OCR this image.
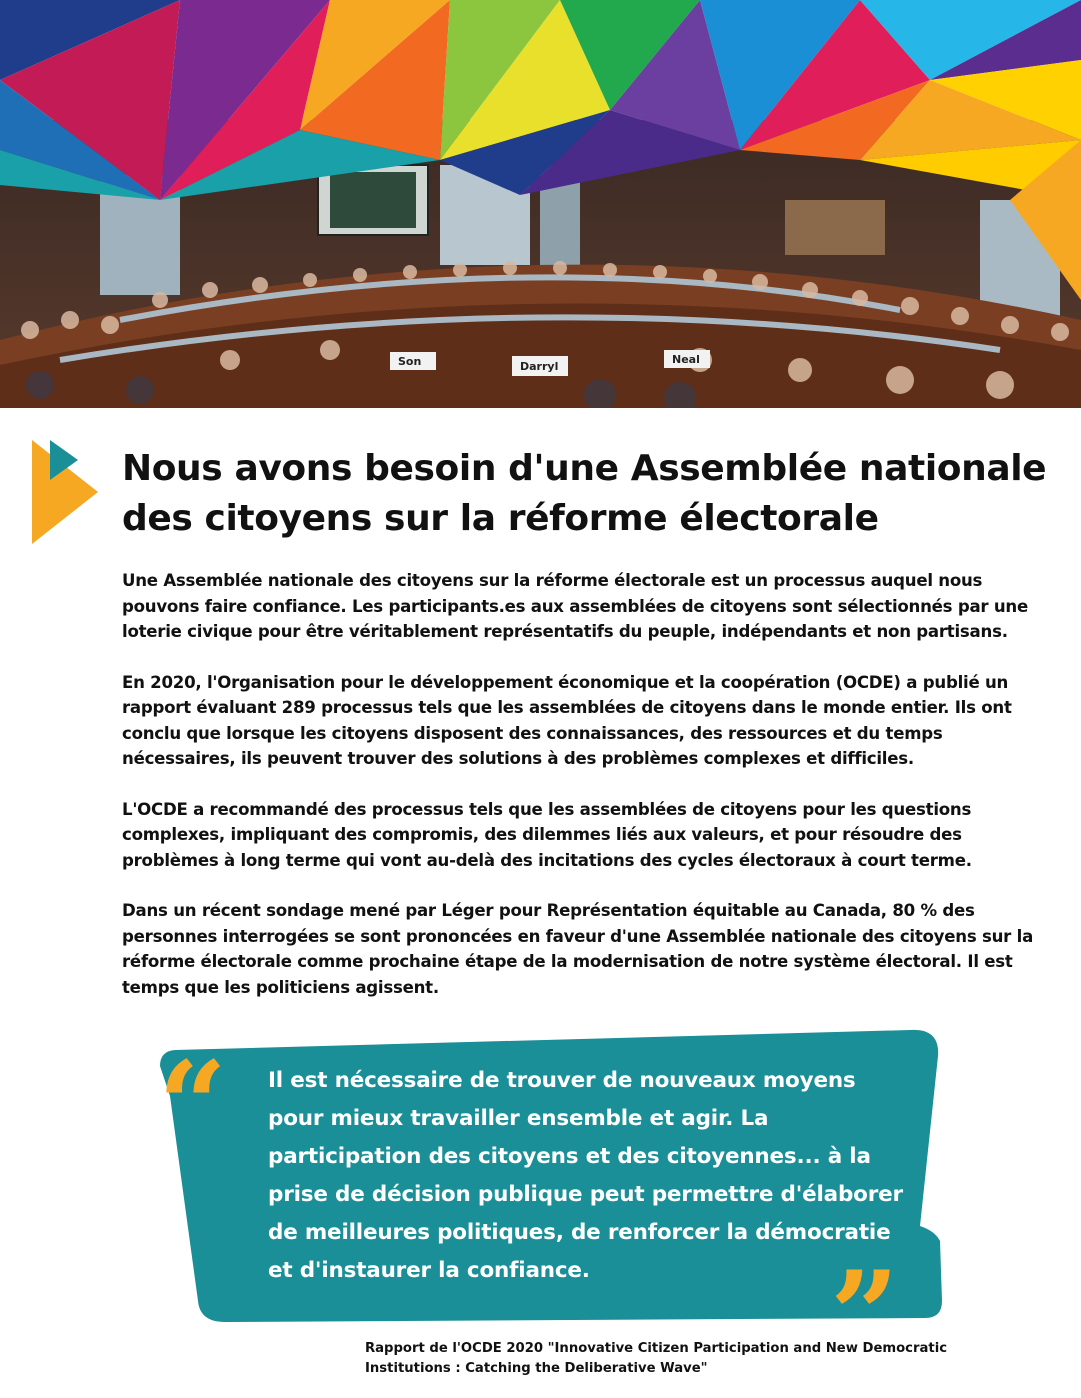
Son	Darryl
Neal
Nous avons besoin d'une Assemblée nationale des citoyens sur la réforme électorale

Une Assemblée nationale des citoyens sur la réforme électorale est un processus auquel nous pouvons faire confiance. Les participants.es aux assemblées de citoyens sont sélectionnés par une loterie civique pour être véritablement représentatifs du peuple, indépendants et non partisans.

En 2020, l'Organisation pour le développement économique et la coopération (OCDE) a publié un rapport évaluant 289 processus tels que les assemblées de citoyens dans le monde entier. Ils ont conclu que lorsque les citoyens disposent des connaissances, des ressources et du temps nécessaires, ils peuvent trouver des solutions à des problèmes complexes et difficiles.

L'OCDE a recommandé des processus tels que les assemblées de citoyens pour les questions complexes, impliquant des compromis, des dilemmes liés aux valeurs, et pour résoudre des problèmes à long terme qui vont au-delà des incitations des cycles électoraux à court terme.

Dans un récent sondage mené par Léger pour Représentation équitable au Canada, 80 % des personnes interrogées se sont prononcées en faveur d'une Assemblée nationale des citoyens sur la réforme électorale comme prochaine étape de la modernisation de notre système électoral. Il est temps que les politiciens agissent.

“ Il est nécessaire de trouver de nouveaux moyens pour mieux travailler ensemble et agir. La participation des citoyens et des citoyennes... à la prise de décision publique peut permettre d'élaborer de meilleures politiques, de renforcer la démocratie et d'instaurer la confiance.	”

Rapport de l'OCDE 2020 "Innovative Citizen Participation and New Democratic Institutions : Catching the Deliberative Wave"
